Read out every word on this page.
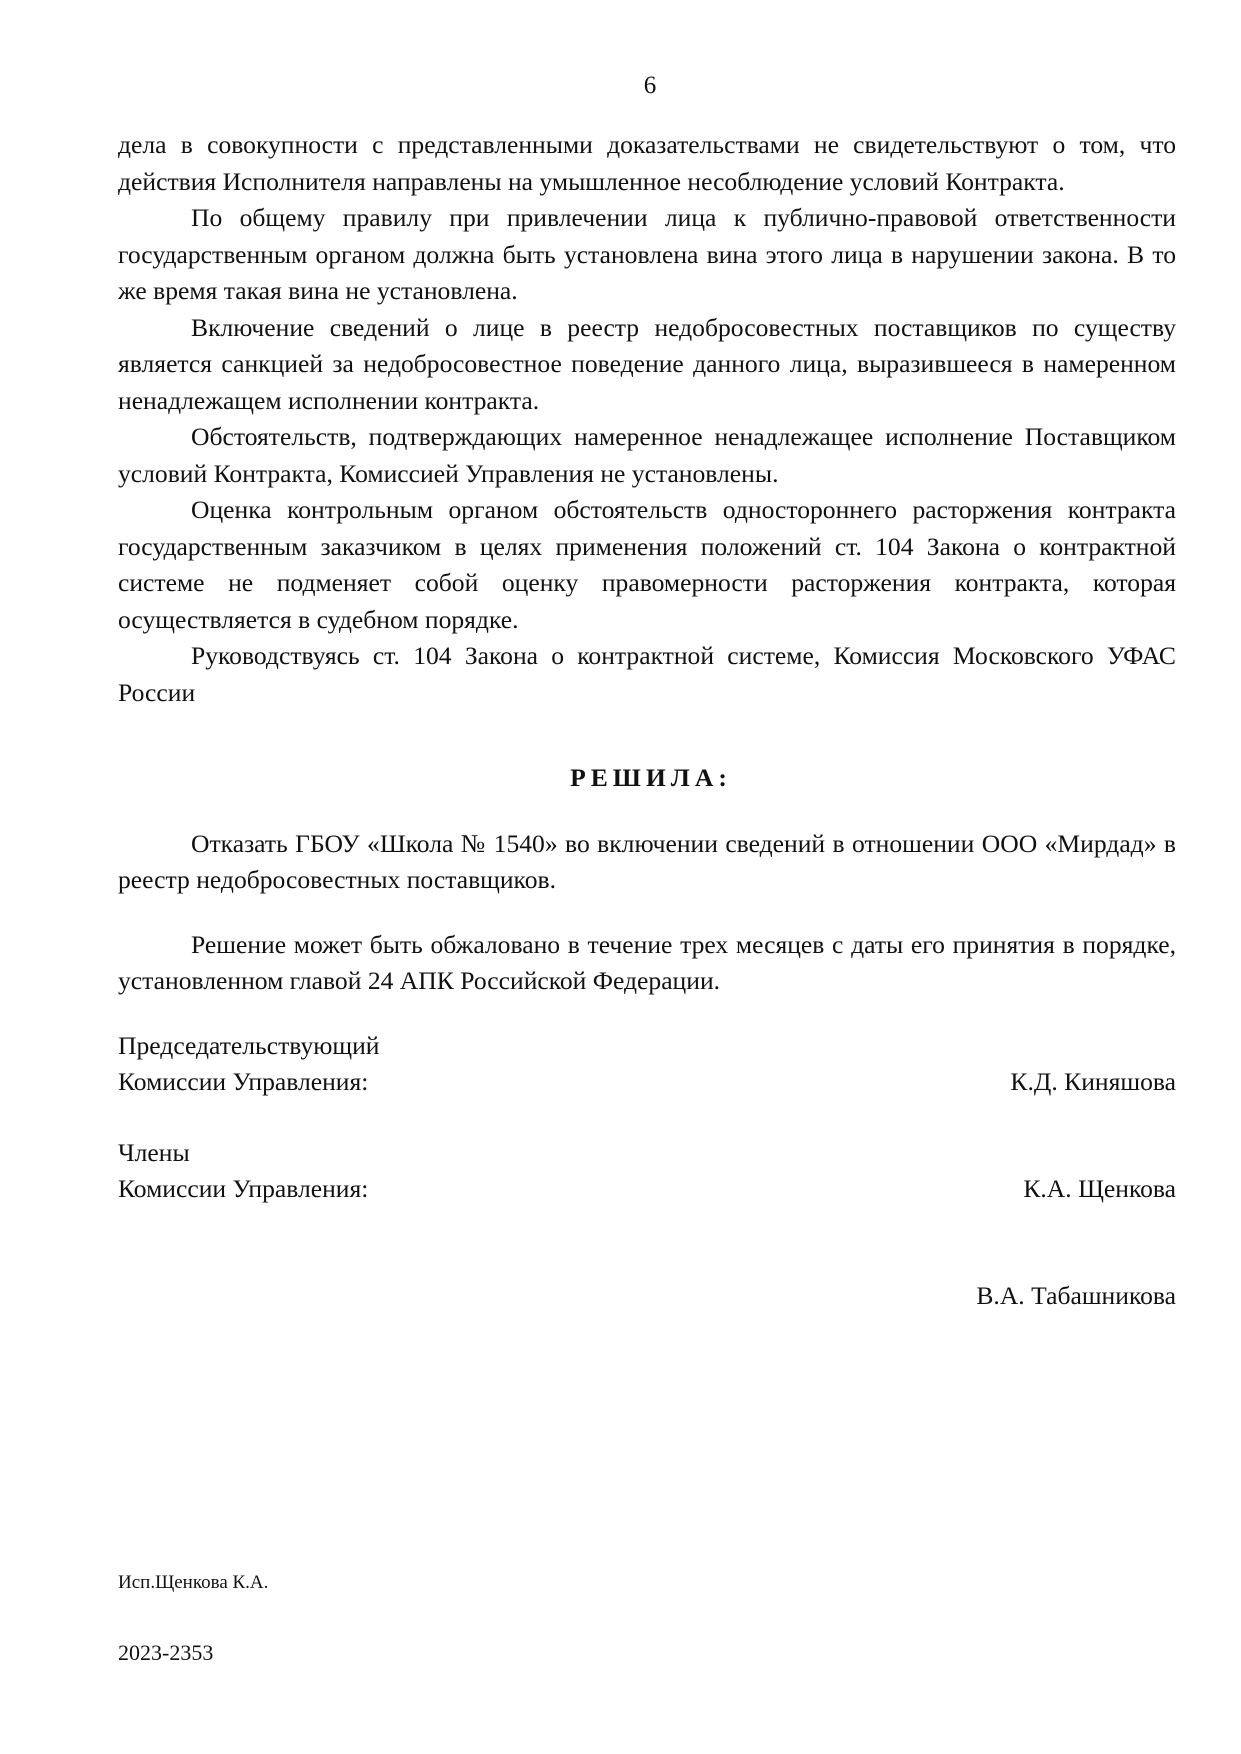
6

дела в совокупности с представленными доказательствами не свидетельствуют о том, что действия Исполнителя направлены на умышленное несоблюдение условий Контракта.

По общему правилу при привлечении лица к публично-правовой ответственности государственным органом должна быть установлена вина этого лица в нарушении закона. В то же время такая вина не установлена.

Включение сведений о лице в реестр недобросовестных поставщиков по существу является санкцией за недобросовестное поведение данного лица, выразившееся в намеренном ненадлежащем исполнении контракта.

Обстоятельств, подтверждающих намеренное ненадлежащее исполнение Поставщиком условий Контракта, Комиссией Управления не установлены.

Оценка контрольным органом обстоятельств одностороннего расторжения контракта государственным заказчиком в целях применения положений ст. 104 Закона о контрактной системе не подменяет собой оценку правомерности расторжения контракта, которая осуществляется в судебном порядке.

Руководствуясь ст. 104 Закона о контрактной системе, Комиссия Московского УФАС России

РЕШИЛА:

Отказать ГБОУ «Школа № 1540» во включении сведений в отношении ООО «Мирдад» в реестр недобросовестных поставщиков.

Решение может быть обжаловано в течение трех месяцев с даты его принятия в порядке, установленном главой 24 АПК Российской Федерации.

Председательствующий
Комиссии Управления:	К.Д. Киняшова
Члены
Комиссии Управления:	К.А. Щенкова
В.А. Табашникова
Исп.Щенкова К.А.
2023-2353
